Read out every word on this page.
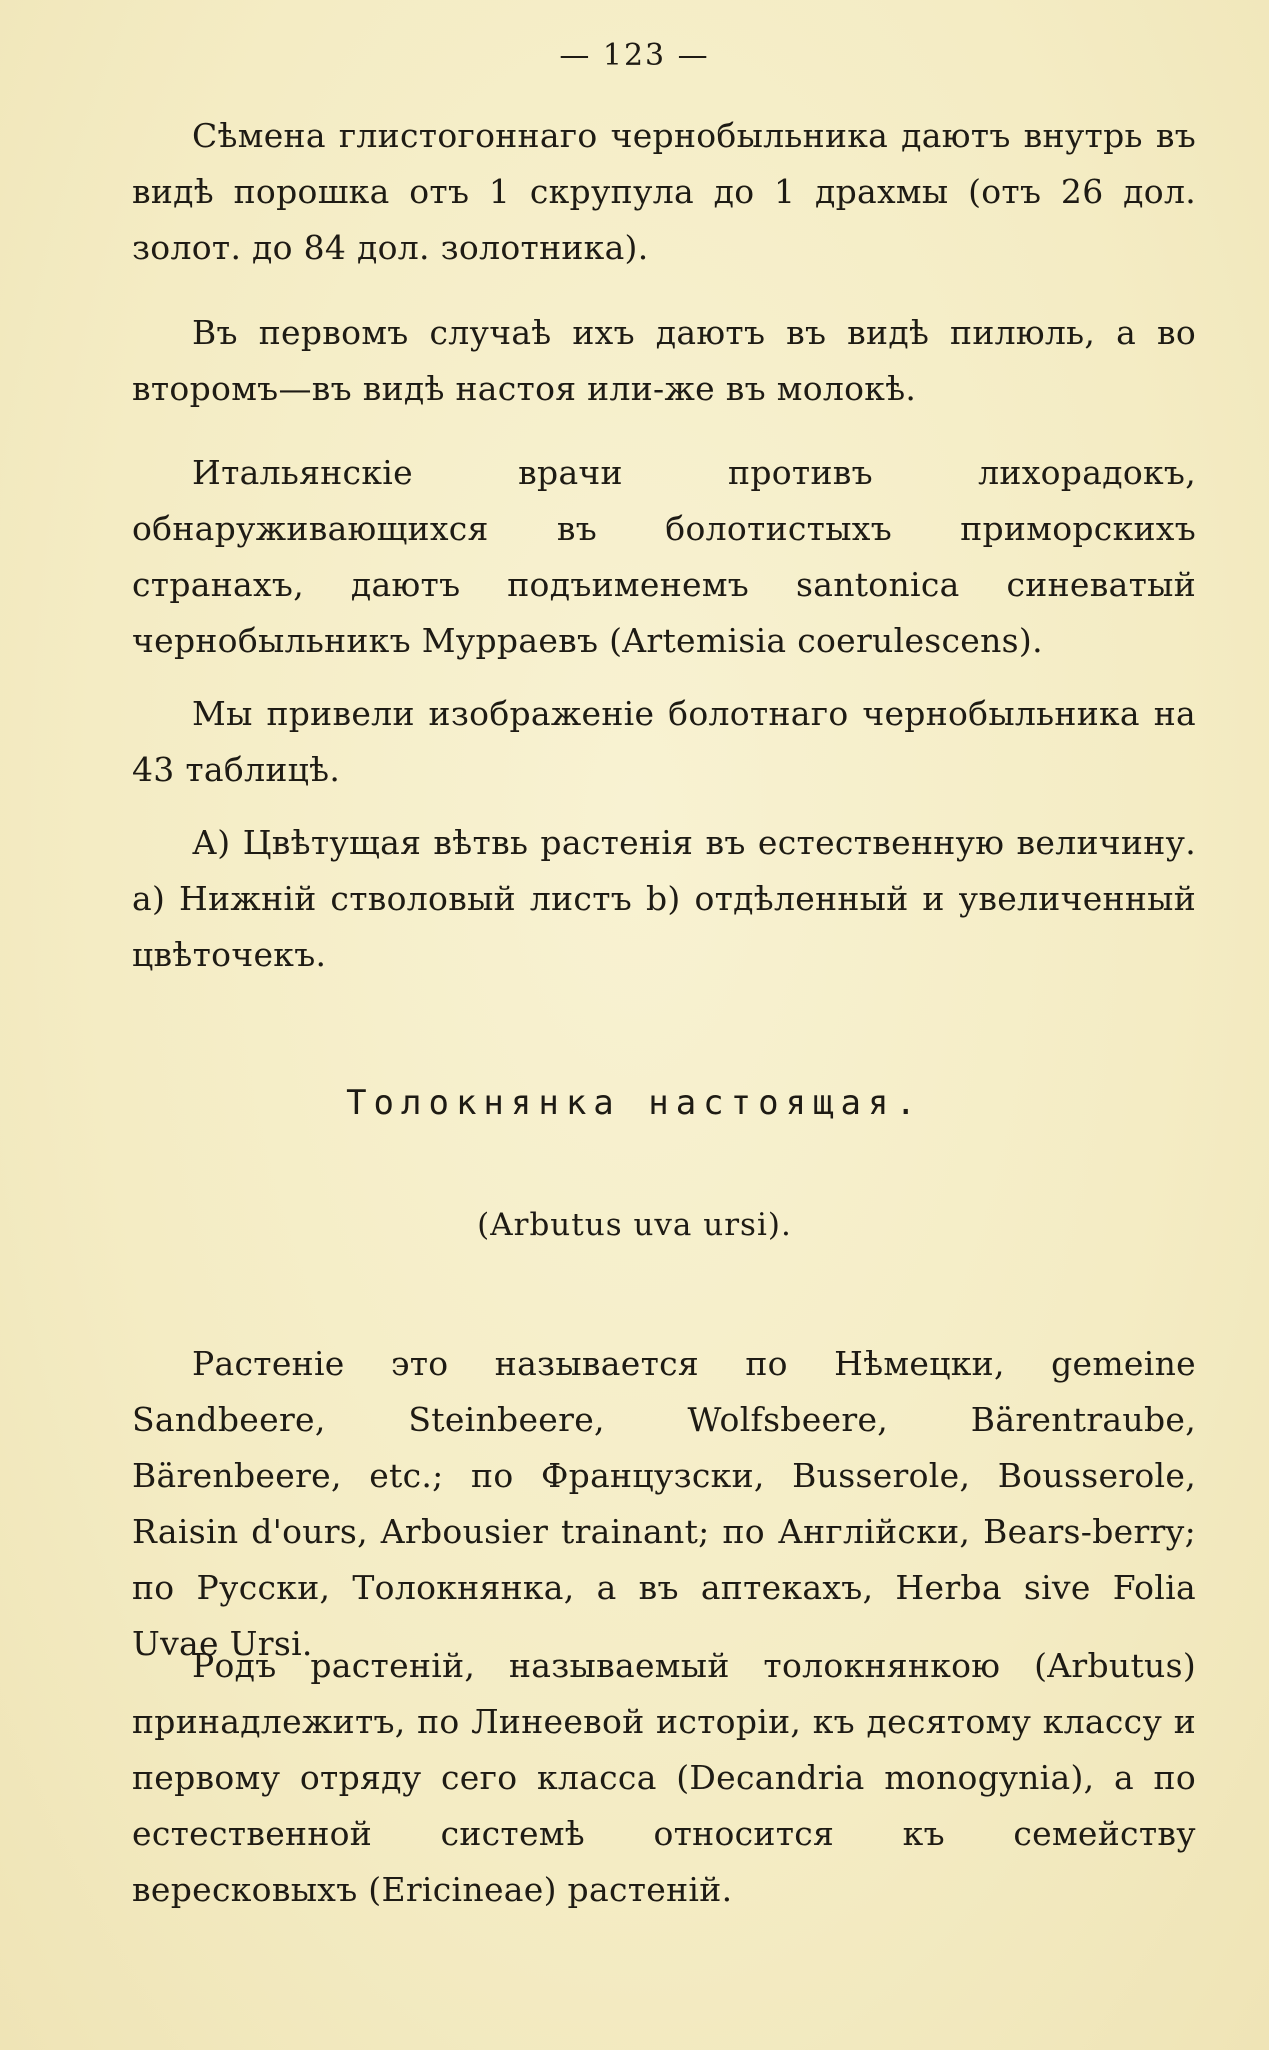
— 123 —

Сѣмена глистогоннаго чернобыльника даютъ внутрь въ видѣ порошка отъ 1 скрупула до 1 драхмы (отъ 26 дол. золот. до 84 дол. золотника).

Въ первомъ случаѣ ихъ даютъ въ видѣ пилюль, а во второмъ—въ видѣ настоя или-же въ молокѣ.

Итальянскіе врачи противъ лихорадокъ, обнаруживающихся въ болотистыхъ приморскихъ странахъ, даютъ подъименемъ santonica синеватый чернобыльникъ Мурраевъ (Artemisia coerulescens).

Мы привели изображеніе болотнаго чернобыльника на 43 таблицѣ.

А) Цвѣтущая вѣтвь растенія въ естественную величину. а) Нижній стволовый листъ b) отдѣленный и увеличенный цвѣточекъ.

Толокнянка настоящая.
(Arbutus uva ursi).

Растеніе это называется по Нѣмецки, gemeine Sandbeere, Steinbeere, Wolfsbeere, Bärentraube, Bärenbeere, etc.; по Французски, Busserole, Bousserole, Raisin d'ours, Arbousier trainant; по Англійски, Bears-berry; по Русски, Толокнянка, а въ аптекахъ, Herba sive Folia Uvae Ursi.

Родъ растеній, называемый толокнянкою (Arbutus) принадлежитъ, по Линеевой исторіи, къ десятому классу и первому отряду сего класса (Decandria monogynia), а по естественной системѣ относится къ семейству вересковыхъ (Ericineae) растеній.
